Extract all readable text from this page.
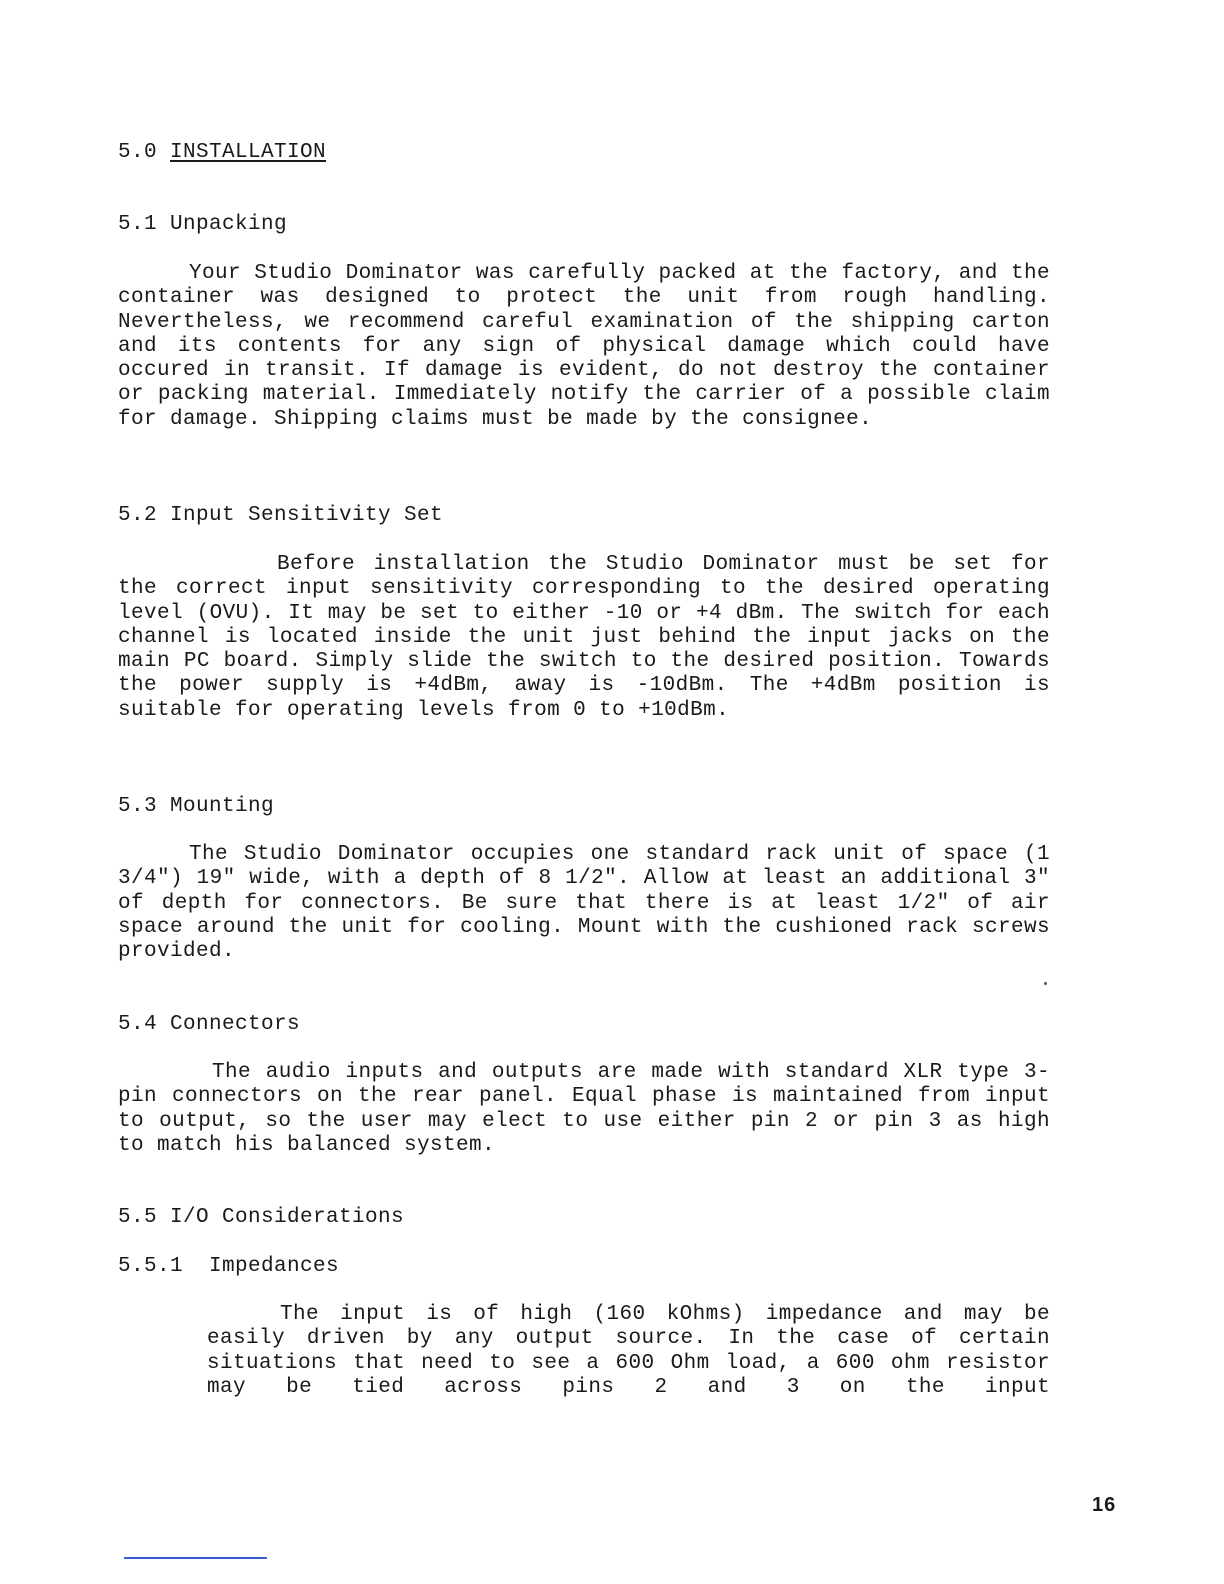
5.0 INSTALLATION
5.1 Unpacking
Your Studio Dominator was carefully packed at the factory, and the container was designed to protect the unit from rough handling. Nevertheless, we recommend careful examination of the shipping carton and its contents for any sign of physical damage which could have occured in transit. If damage is evident, do not destroy the container or packing material. Immediately notify the carrier of a possible claim for damage. Shipping claims must be made by the consignee.
5.2 Input Sensitivity Set
Before installation the Studio Dominator must be set for the correct input sensitivity corresponding to the desired operating level (OVU). It may be set to either -10 or +4 dBm. The switch for each channel is located inside the unit just behind the input jacks on the main PC board. Simply slide the switch to the desired position. Towards the power supply is +4dBm, away is -10dBm. The +4dBm position is suitable for operating levels from 0 to +10dBm.
5.3 Mounting
The Studio Dominator occupies one standard rack unit of space (1 3/4") 19" wide, with a depth of 8 1/2". Allow at least an additional 3" of depth for connectors. Be sure that there is at least 1/2" of air space around the unit for cooling. Mount with the cushioned rack screws provided.
5.4 Connectors
The audio inputs and outputs are made with standard XLR type 3-pin connectors on the rear panel. Equal phase is maintained from input to output, so the user may elect to use either pin 2 or pin 3 as high to match his balanced system.
5.5 I/O Considerations
5.5.1  Impedances
The input is of high (160 kOhms) impedance and may be easily driven by any output source. In the case of certain situations that need to see a 600 Ohm load, a 600 ohm resistor may be tied across pins 2 and 3 on the input
16
